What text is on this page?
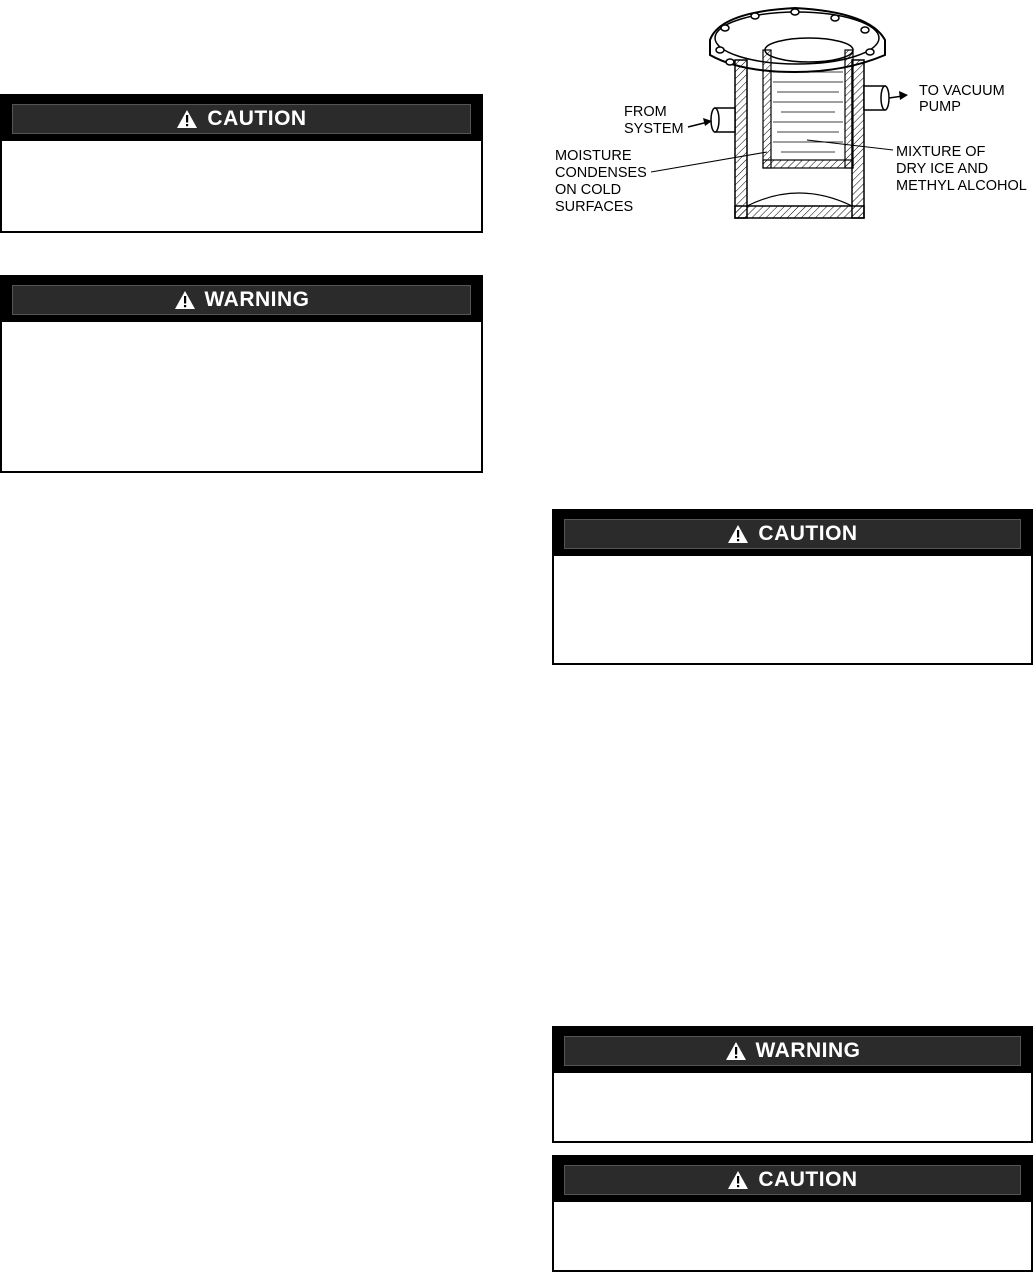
CAUTION
WARNING
FROM
SYSTEM
TO VACUUM
PUMP
MOISTURE
CONDENSES
ON COLD
SURFACES
MIXTURE OF
DRY ICE AND
METHYL ALCOHOL
CAUTION
WARNING
CAUTION
